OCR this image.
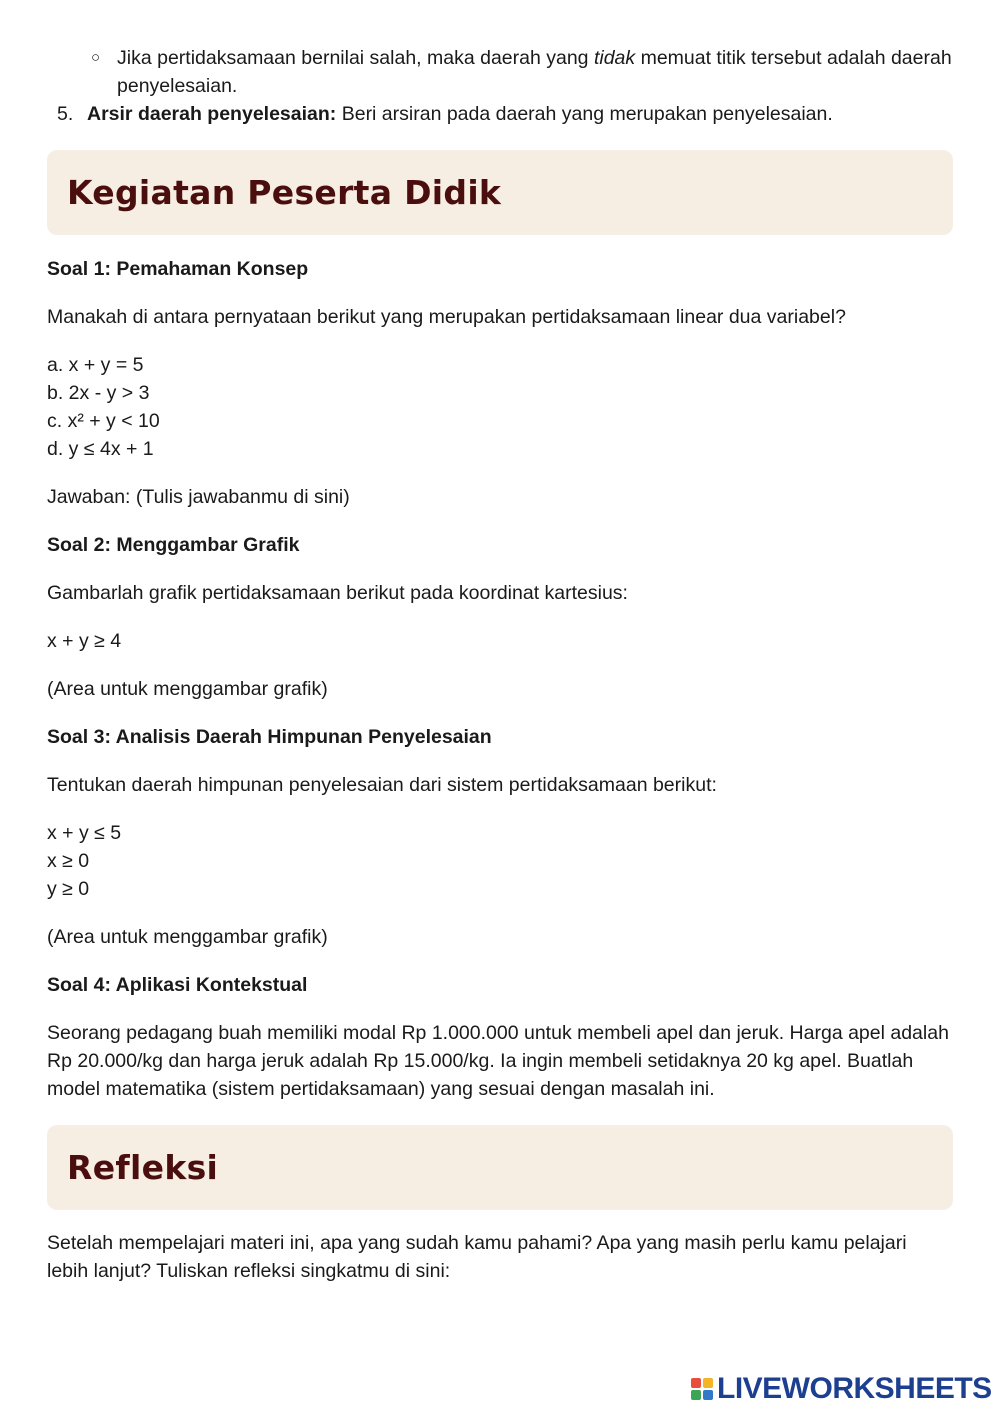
○ Jika pertidaksamaan bernilai salah, maka daerah yang tidak memuat titik tersebut adalah daerah penyelesaian.

5. Arsir daerah penyelesaian: Beri arsiran pada daerah yang merupakan penyelesaian.

Kegiatan Peserta Didik

Soal 1: Pemahaman Konsep

Manakah di antara pernyataan berikut yang merupakan pertidaksamaan linear dua variabel?

a. x + y = 5
b. 2x - y > 3
c. x² + y < 10
d. y ≤ 4x + 1

Jawaban: (Tulis jawabanmu di sini)

Soal 2: Menggambar Grafik

Gambarlah grafik pertidaksamaan berikut pada koordinat kartesius:

x + y ≥ 4

(Area untuk menggambar grafik)

Soal 3: Analisis Daerah Himpunan Penyelesaian

Tentukan daerah himpunan penyelesaian dari sistem pertidaksamaan berikut:

x + y ≤ 5
x ≥ 0
y ≥ 0

(Area untuk menggambar grafik)

Soal 4: Aplikasi Kontekstual

Seorang pedagang buah memiliki modal Rp 1.000.000 untuk membeli apel dan jeruk. Harga apel adalah Rp 20.000/kg dan harga jeruk adalah Rp 15.000/kg. Ia ingin membeli setidaknya 20 kg apel. Buatlah model matematika (sistem pertidaksamaan) yang sesuai dengan masalah ini.

Refleksi

Setelah mempelajari materi ini, apa yang sudah kamu pahami? Apa yang masih perlu kamu pelajari lebih lanjut? Tuliskan refleksi singkatmu di sini:

LIVEWORKSHEETS
